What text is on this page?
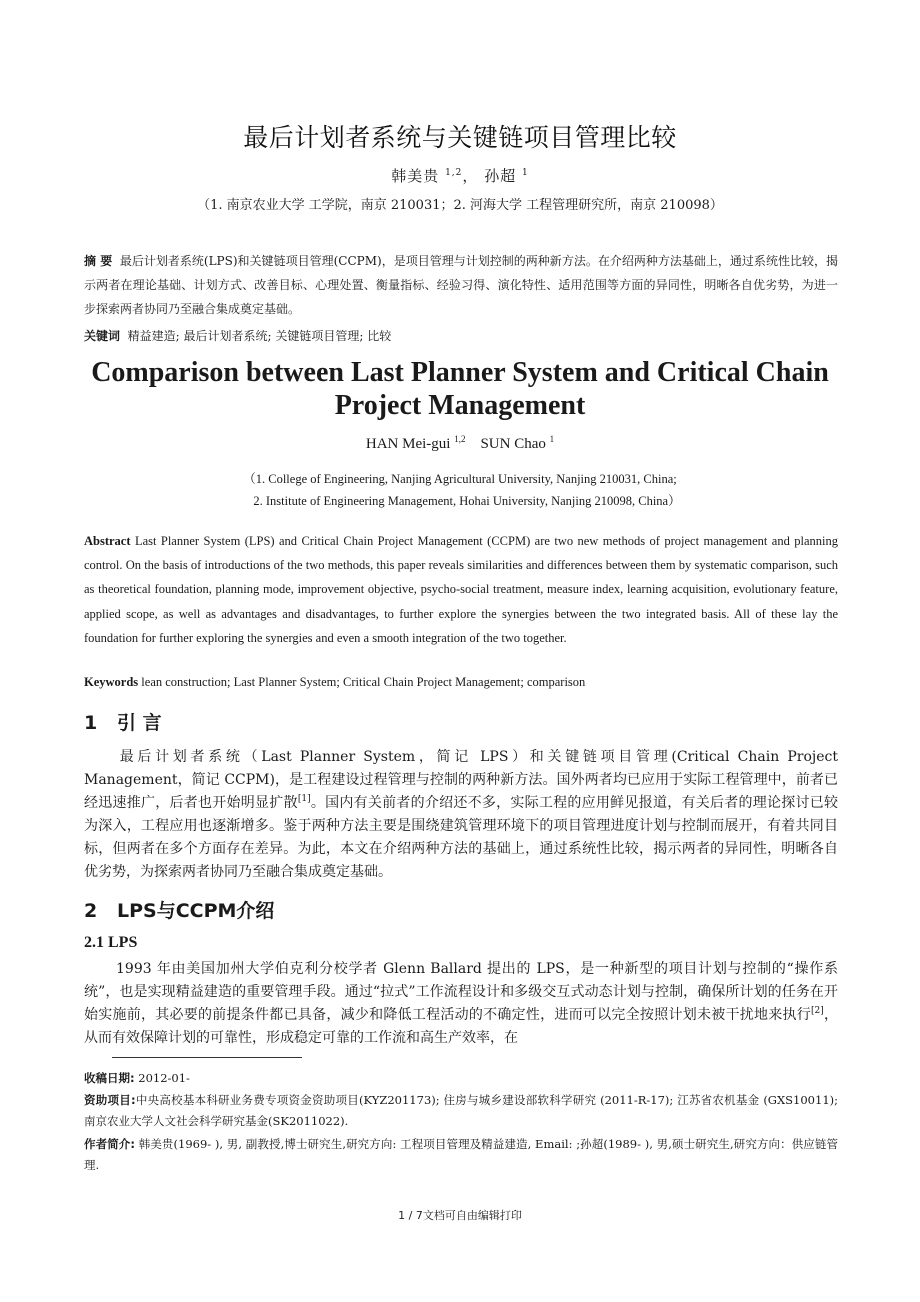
最后计划者系统与关键链项目管理比较
韩美贵 $^{1,2}$， 孙超 $^1$
（1. 南京农业大学 工学院，南京 210031；2. 河海大学 工程管理研究所，南京 210098）
摘 要 最后计划者系统(LPS)和关键链项目管理(CCPM)，是项目管理与计划控制的两种新方法。在介绍两种方法基础上，通过系统性比较，揭示两者在理论基础、计划方式、改善目标、心理处置、衡量指标、经验习得、演化特性、适用范围等方面的异同性，明晰各自优劣势，为进一步探索两者协同乃至融合集成奠定基础。
关键词 精益建造; 最后计划者系统; 关键链项目管理; 比较
Comparison between Last Planner System and Critical Chain Project Management
HAN Mei-gui $^{1,2}$ SUN Chao $^1$
（1. College of Engineering, Nanjing Agricultural University, Nanjing 210031, China;
2. Institute of Engineering Management, Hohai University, Nanjing 210098, China）
Abstract Last Planner System (LPS) and Critical Chain Project Management (CCPM) are two new methods of project management and planning control. On the basis of introductions of the two methods, this paper reveals similarities and differences between them by systematic comparison, such as theoretical foundation, planning mode, improvement objective, psycho-social treatment, measure index, learning acquisition, evolutionary feature, applied scope, as well as advantages and disadvantages, to further explore the synergies between the two integrated basis. All of these lay the foundation for further exploring the synergies and even a smooth integration of the two together.
Keywords lean construction; Last Planner System; Critical Chain Project Management; comparison
1 引 言
最后计划者系统（Last Planner System，简记 LPS）和关键链项目管理(Critical Chain Project Management，简记 CCPM)，是工程建设过程管理与控制的两种新方法。国外两者均已应用于实际工程管理中，前者已经迅速推广，后者也开始明显扩散[1]。国内有关前者的介绍还不多，实际工程的应用鲜见报道，有关后者的理论探讨已较为深入，工程应用也逐渐增多。鉴于两种方法主要是围绕建筑管理环境下的项目管理进度计划与控制而展开，有着共同目标，但两者在多个方面存在差异。为此，本文在介绍两种方法的基础上，通过系统性比较，揭示两者的异同性，明晰各自优劣势，为探索两者协同乃至融合集成奠定基础。
2 LPS与CCPM介绍
2.1 LPS
1993 年由美国加州大学伯克利分校学者 Glenn Ballard 提出的 LPS，是一种新型的项目计划与控制的“操作系统”，也是实现精益建造的重要管理手段。通过“拉式”工作流程设计和多级交互式动态计划与控制，确保所计划的任务在开始实施前，其必要的前提条件都已具备，减少和降低工程活动的不确定性，进而可以完全按照计划未被干扰地来执行[2]，从而有效保障计划的可靠性，形成稳定可靠的工作流和高生产效率，在
收稿日期: 2012-01-
资助项目:中央高校基本科研业务费专项资金资助项目(KYZ201173); 住房与城乡建设部软科学研究 (2011-R-17); 江苏省农机基金 (GXS10011); 南京农业大学人文社会科学研究基金(SK2011022).
作者简介: 韩美贵(1969- ), 男, 副教授,博士研究生,研究方向: 工程项目管理及精益建造, Email: ;孙超(1989- ), 男,硕士研究生,研究方向：供应链管理.
1 / 7文档可自由编辑打印
